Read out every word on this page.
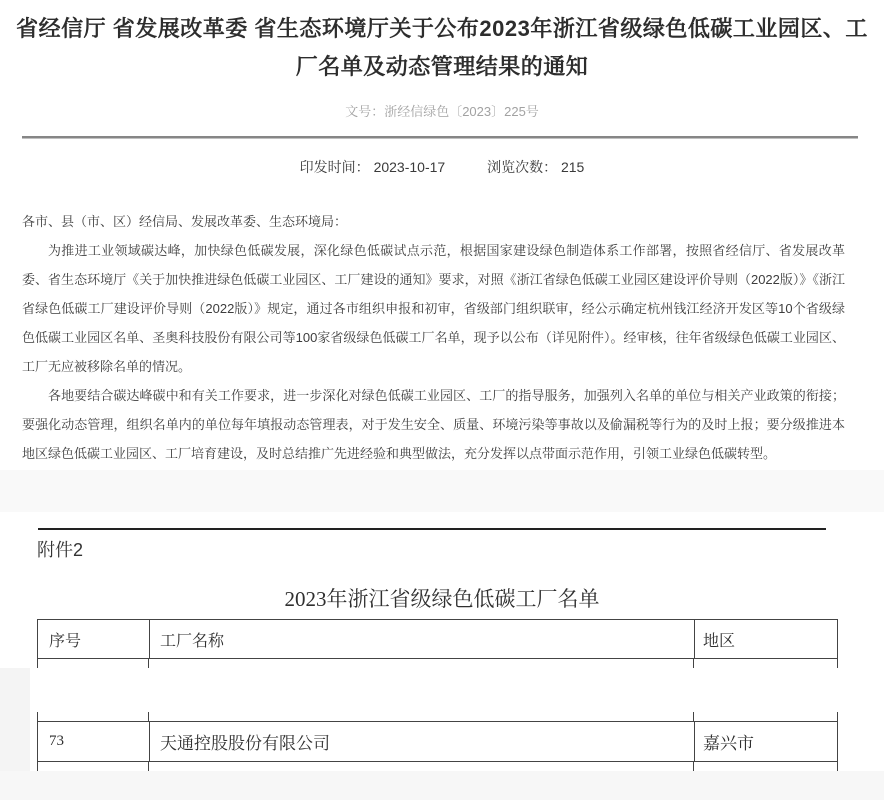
省经信厅 省发展改革委 省生态环境厅关于公布2023年浙江省级绿色低碳工业园区、工
厂名单及动态管理结果的通知
文号：浙经信绿色〔2023〕225号
印发时间： 2023-10-17	浏览次数： 215

各市、县（市、区）经信局、发展改革委、生态环境局：

为推进工业领域碳达峰，加快绿色低碳发展，深化绿色低碳试点示范，根据国家建设绿色制造体系工作部署，按照省经信厅、省发展改革委、省生态环境厅《关于加快推进绿色低碳工业园区、工厂建设的通知》要求，对照《浙江省绿色低碳工业园区建设评价导则（2022版）》《浙江省绿色低碳工厂建设评价导则（2022版）》规定，通过各市组织申报和初审，省级部门组织联审，经公示确定杭州钱江经济开发区等10个省级绿色低碳工业园区名单、圣奥科技股份有限公司等100家省级绿色低碳工厂名单，现予以公布（详见附件）。经审核，往年省级绿色低碳工业园区、工厂无应被移除名单的情况。

各地要结合碳达峰碳中和有关工作要求，进一步深化对绿色低碳工业园区、工厂的指导服务，加强列入名单的单位与相关产业政策的衔接；要强化动态管理，组织名单内的单位每年填报动态管理表，对于发生安全、质量、环境污染等事故以及偷漏税等行为的及时上报；要分级推进本地区绿色低碳工业园区、工厂培育建设，及时总结推广先进经验和典型做法，充分发挥以点带面示范作用，引领工业绿色低碳转型。

附件2
2023年浙江省级绿色低碳工厂名单
序号	工厂名称	地区
73	天通控股股份有限公司	嘉兴市
